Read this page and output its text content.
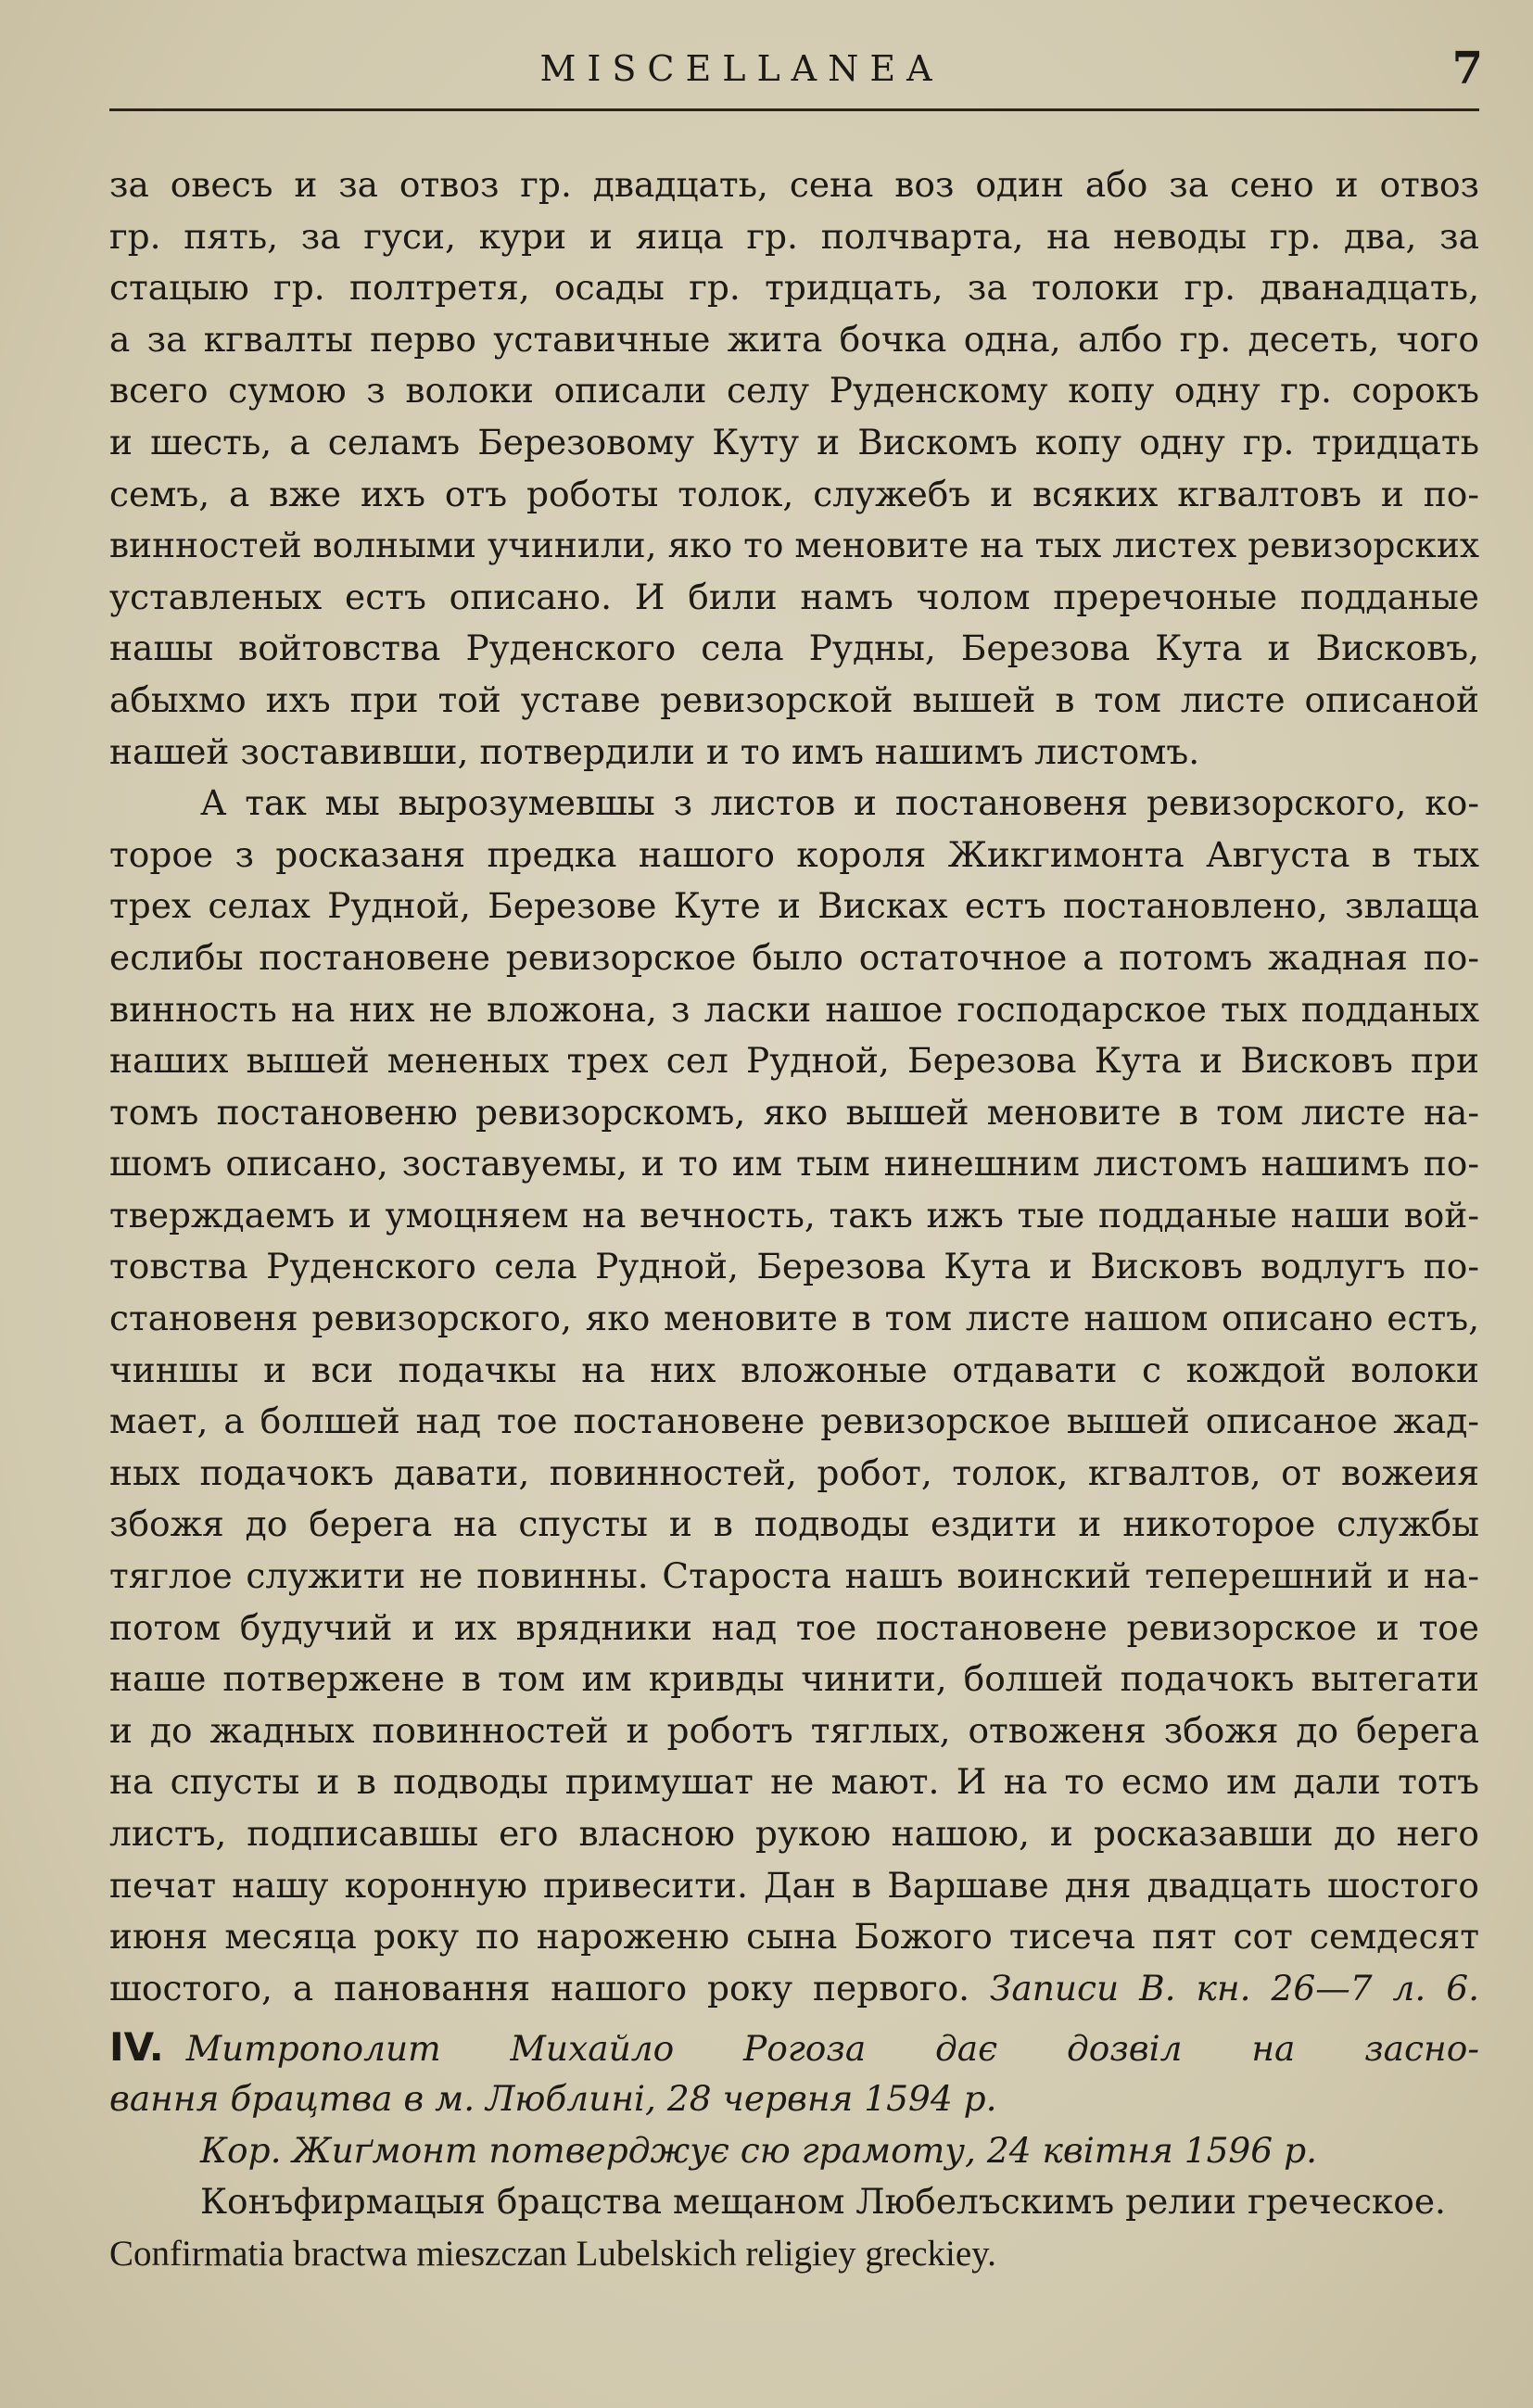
MISCELLANEA	7
за овесъ и за отвоз гр. двадцать, сена воз один або за сено и отвоз
гр. пять, за гуси, кури и яица гр. полчварта, на неводы гр. два, за
стацыю гр. полтретя, осады гр. тридцать, за толоки гр. дванадцать,
а за кгвалты перво уставичные жита бочка одна, албо гр. десеть, чого
всего сумою з волоки описали селу Руденскому копу одну гр. сорокъ
и шесть, а селамъ Березовому Куту и Вискомъ копу одну гр. тридцать
семъ, а вже ихъ отъ роботы толок, служебъ и всяких кгвалтовъ и по-
винностей волными учинили, яко то меновите на тых листех ревизорских
уставленых естъ описано. И били намъ чолом преречоные подданые
нашы войтовства Руденского села Рудны, Березова Кута и Висковъ,
абыхмо ихъ при той уставе ревизорской вышей в том листе описаной
нашей зоставивши, потвердили и то имъ нашимъ листомъ.
А так мы вырозумевшы з листов и постановеня ревизорского, ко-
торое з росказаня предка нашого короля Жикгимонта Августа в тых
трех селах Рудной, Березове Куте и Висках естъ постановлено, звлаща
еслибы постановене ревизорское было остаточное а потомъ жадная по-
винность на них не вложона, з ласки нашое господарское тых подданых
наших вышей мененых трех сел Рудной, Березова Кута и Висковъ при
томъ постановеню ревизорскомъ, яко вышей меновите в том листе на-
шомъ описано, зоставуемы, и то им тым нинешним листомъ нашимъ по-
тверждаемъ и умоцняем на вечность, такъ ижъ тые подданые наши вой-
товства Руденского села Рудной, Березова Кута и Висковъ водлугъ по-
становеня ревизорского, яко меновите в том листе нашом описано естъ,
чиншы и вси подачкы на них вложоные отдавати с кождой волоки
мает, а болшей над тое постановене ревизорское вышей описаное жад-
ных подачокъ давати, повинностей, робот, толок, кгвалтов, от вожеия
збожя до берега на спусты и в подводы ездити и никоторое службы
тяглое служити не повинны. Староста нашъ воинский теперешний и на-
потом будучий и их врядники над тое постановене ревизорское и тое
наше потвержене в том им кривды чинити, болшей подачокъ вытегати
и до жадных повинностей и роботъ тяглых, отвоженя збожя до берега
на спусты и в подводы примушат не мают. И на то есмо им дали тотъ
листъ, подписавшы его власною рукою нашою, и росказавши до него
печат нашу коронную привесити. Дан в Варшаве дня двадцать шостого
июня месяца року по нароженю сына Божого тисеча пят сот семдесят
шостого, а пановання нашого року первого. Записи В. кн. 26—7 л. 6.
IV. Митрополит Михайло Рогоза дає дозвіл на засно-
вання брацтва в м. Люблині, 28 червня 1594 р.
Кор. Жиґмонт потверджує сю грамоту, 24 квітня 1596 р.
Конъфирмацыя брацства мещаном Любелъскимъ релии греческое.
Confirmatia bractwa mieszczan Lubelskich religiey greckiey.
